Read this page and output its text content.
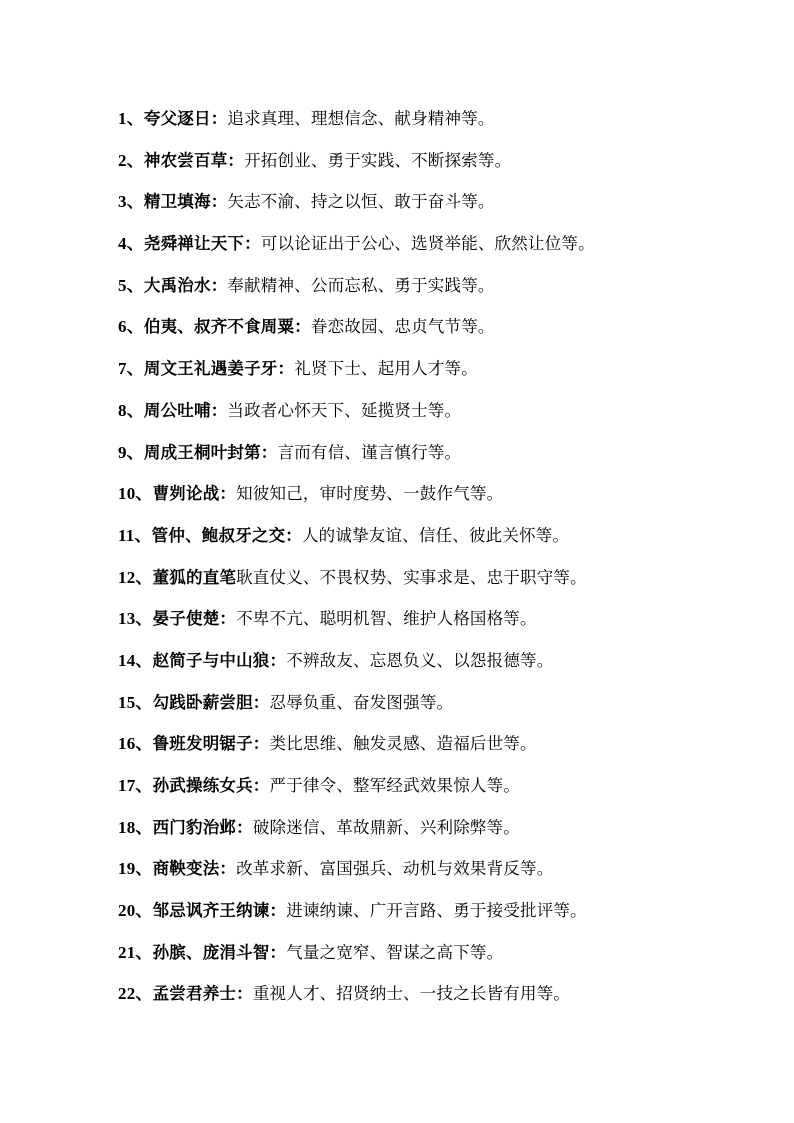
1、夸父逐日：追求真理、理想信念、献身精神等。
2、神农尝百草：开拓创业、勇于实践、不断探索等。
3、精卫填海：矢志不渝、持之以恒、敢于奋斗等。
4、尧舜禅让天下：可以论证出于公心、选贤举能、欣然让位等。
5、大禹治水：奉献精神、公而忘私、勇于实践等。
6、伯夷、叔齐不食周粟：眷恋故园、忠贞气节等。
7、周文王礼遇姜子牙：礼贤下士、起用人才等。
8、周公吐哺：当政者心怀天下、延揽贤士等。
9、周成王桐叶封第：言而有信、谨言慎行等。
10、曹刿论战：知彼知己，审时度势、一鼓作气等。
11、管仲、鲍叔牙之交：人的诚挚友谊、信任、彼此关怀等。
12、董狐的直笔耿直仗义、不畏权势、实事求是、忠于职守等。
13、晏子使楚：不卑不亢、聪明机智、维护人格国格等。
14、赵简子与中山狼：不辨敌友、忘恩负义、以怨报德等。
15、勾践卧薪尝胆：忍辱负重、奋发图强等。
16、鲁班发明锯子：类比思维、触发灵感、造福后世等。
17、孙武操练女兵：严于律令、整军经武效果惊人等。
18、西门豹治邺：破除迷信、革故鼎新、兴利除弊等。
19、商鞅变法：改革求新、富国强兵、动机与效果背反等。
20、邹忌讽齐王纳谏：进谏纳谏、广开言路、勇于接受批评等。
21、孙膑、庞涓斗智：气量之宽窄、智谋之高下等。
22、孟尝君养士：重视人才、招贤纳士、一技之长皆有用等。
